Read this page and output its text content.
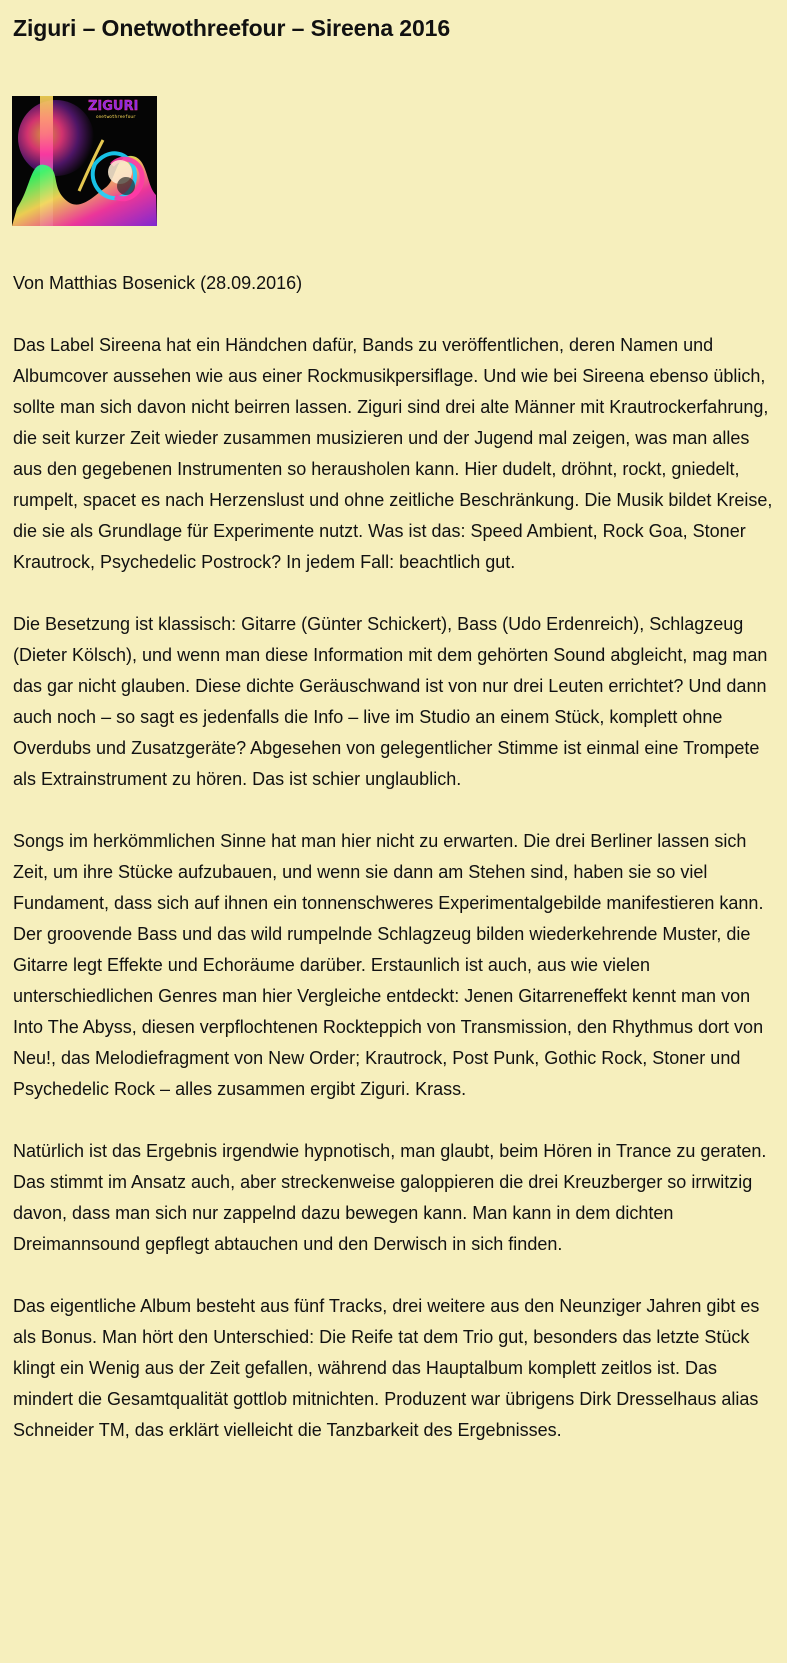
Ziguri – Onetwothreefour – Sireena 2016
ZIGURI
onetwothreefour

Von Matthias Bosenick (28.09.2016)

Das Label Sireena hat ein Händchen dafür, Bands zu veröffentlichen, deren Namen und Albumcover aussehen wie aus einer Rockmusikpersiflage. Und wie bei Sireena ebenso üblich, sollte man sich davon nicht beirren lassen. Ziguri sind drei alte Männer mit Krautrockerfahrung, die seit kurzer Zeit wieder zusammen musizieren und der Jugend mal zeigen, was man alles aus den gegebenen Instrumenten so herausholen kann. Hier dudelt, dröhnt, rockt, gniedelt, rumpelt, spacet es nach Herzenslust und ohne zeitliche Beschränkung. Die Musik bildet Kreise, die sie als Grundlage für Experimente nutzt. Was ist das: Speed Ambient, Rock Goa, Stoner Krautrock, Psychedelic Postrock? In jedem Fall: beachtlich gut.

Die Besetzung ist klassisch: Gitarre (Günter Schickert), Bass (Udo Erdenreich), Schlagzeug (Dieter Kölsch), und wenn man diese Information mit dem gehörten Sound abgleicht, mag man das gar nicht glauben. Diese dichte Geräuschwand ist von nur drei Leuten errichtet? Und dann auch noch – so sagt es jedenfalls die Info – live im Studio an einem Stück, komplett ohne Overdubs und Zusatzgeräte? Abgesehen von gelegentlicher Stimme ist einmal eine Trompete als Extrainstrument zu hören. Das ist schier unglaublich.

Songs im herkömmlichen Sinne hat man hier nicht zu erwarten. Die drei Berliner lassen sich Zeit, um ihre Stücke aufzubauen, und wenn sie dann am Stehen sind, haben sie so viel Fundament, dass sich auf ihnen ein tonnenschweres Experimentalgebilde manifestieren kann. Der groovende Bass und das wild rumpelnde Schlagzeug bilden wiederkehrende Muster, die Gitarre legt Effekte und Echoräume darüber. Erstaunlich ist auch, aus wie vielen unterschiedlichen Genres man hier Vergleiche entdeckt: Jenen Gitarreneffekt kennt man von Into The Abyss, diesen verpflochtenen Rockteppich von Transmission, den Rhythmus dort von Neu!, das Melodiefragment von New Order; Krautrock, Post Punk, Gothic Rock, Stoner und Psychedelic Rock – alles zusammen ergibt Ziguri. Krass.

Natürlich ist das Ergebnis irgendwie hypnotisch, man glaubt, beim Hören in Trance zu geraten. Das stimmt im Ansatz auch, aber streckenweise galoppieren die drei Kreuzberger so irrwitzig davon, dass man sich nur zappelnd dazu bewegen kann. Man kann in dem dichten Dreimannsound gepflegt abtauchen und den Derwisch in sich finden.

Das eigentliche Album besteht aus fünf Tracks, drei weitere aus den Neunziger Jahren gibt es als Bonus. Man hört den Unterschied: Die Reife tat dem Trio gut, besonders das letzte Stück klingt ein Wenig aus der Zeit gefallen, während das Hauptalbum komplett zeitlos ist. Das mindert die Gesamtqualität gottlob mitnichten. Produzent war übrigens Dirk Dresselhaus alias Schneider TM, das erklärt vielleicht die Tanzbarkeit des Ergebnisses.
